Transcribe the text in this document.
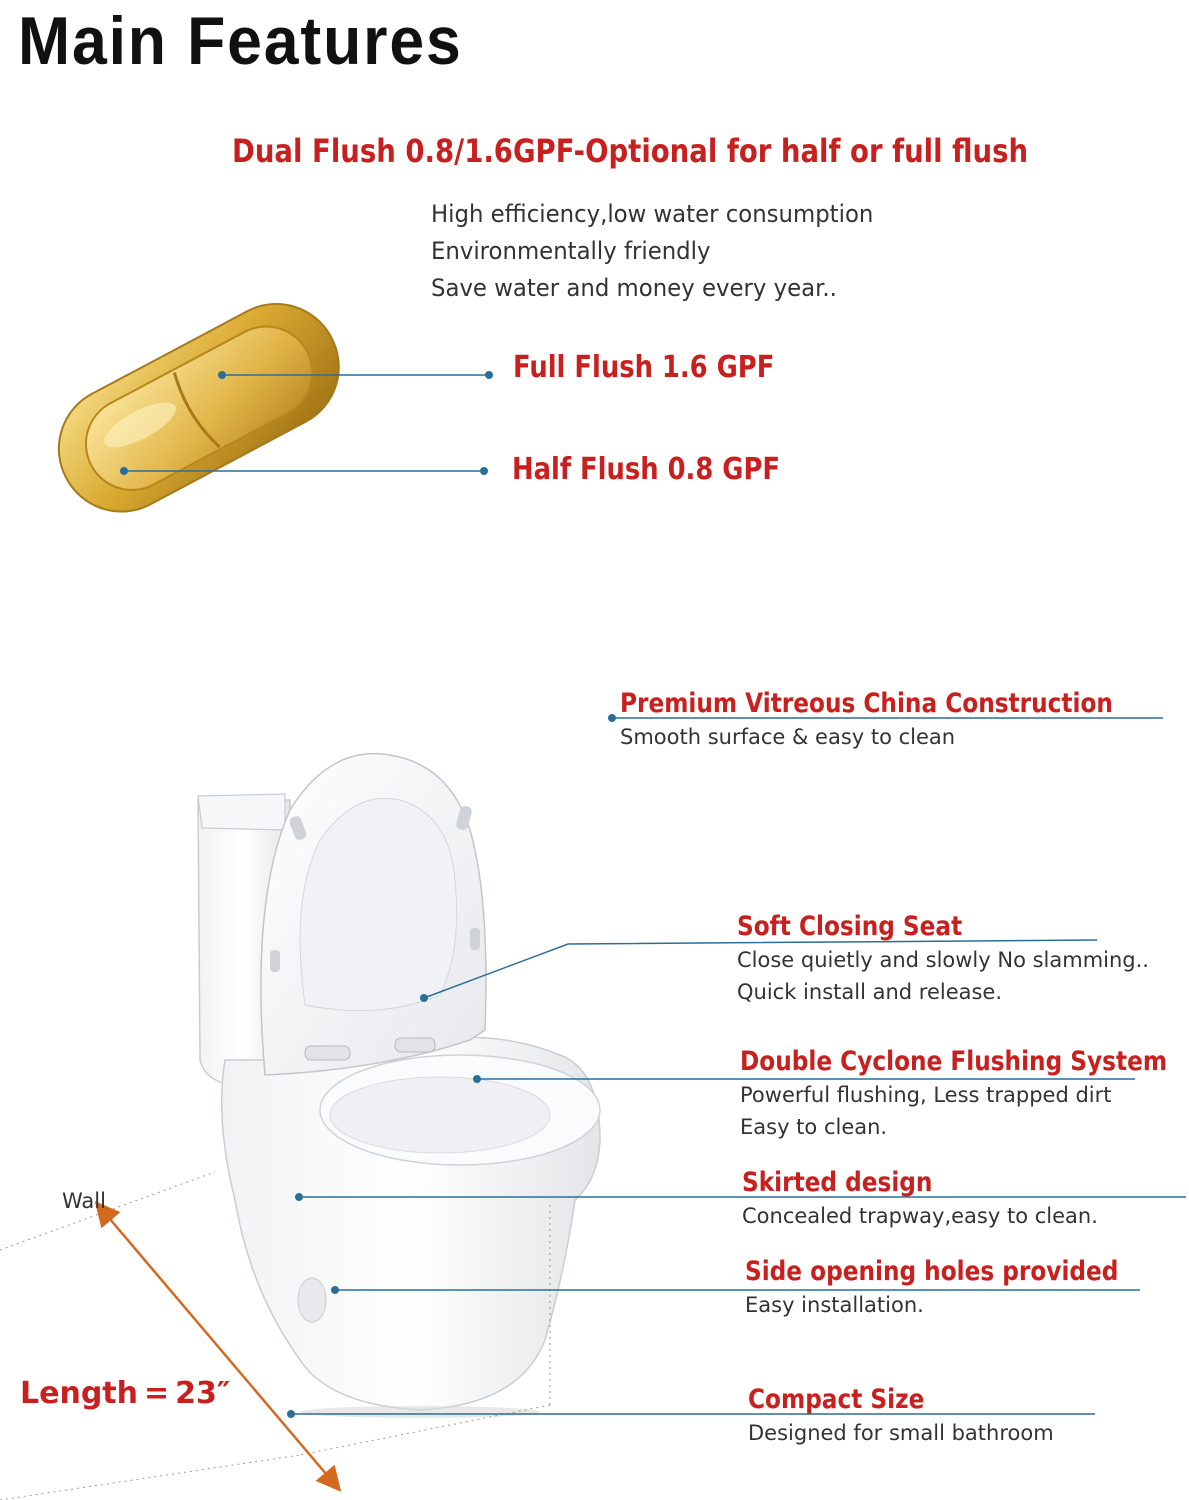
Main Features
Dual Flush 0.8/1.6GPF-Optional for half or full flush
High efficiency,low water consumption
Environmentally friendly
Save water and money every year..
Full Flush 1.6 GPF
Half Flush 0.8 GPF
Premium Vitreous China Construction
Smooth surface & easy to clean
Soft Closing Seat
Close quietly and slowly No slamming..
Quick install and release.
Double Cyclone Flushing System
Powerful flushing, Less trapped dirt
Easy to clean.
Skirted design
Concealed trapway,easy to clean.
Side opening holes provided
Easy installation.
Compact Size
Designed for small bathroom
Wall
Length = 23″
